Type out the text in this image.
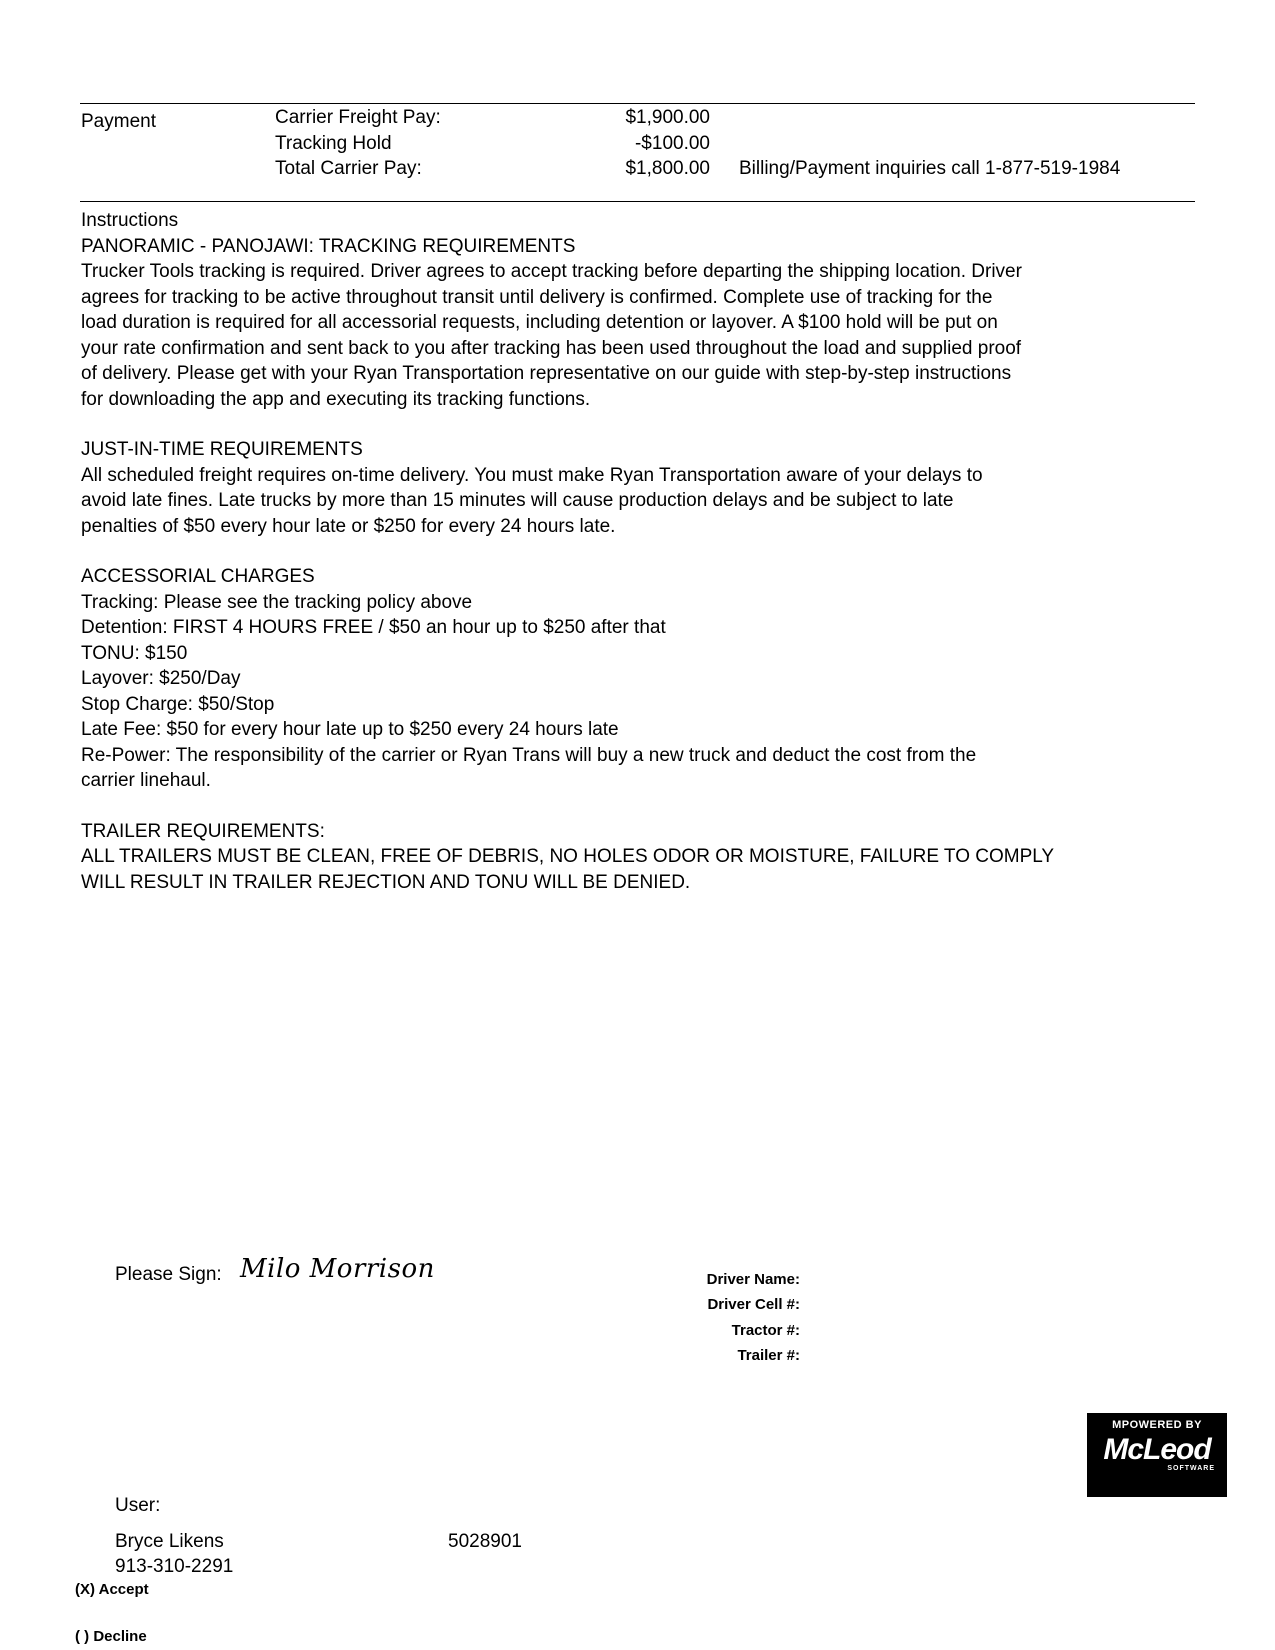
Payment	Carrier Freight Pay:	$1,900.00
Tracking Hold	-$100.00
Total Carrier Pay:	$1,800.00 Billing/Payment inquiries call 1-877-519-1984
Instructions
PANORAMIC - PANOJAWI: TRACKING REQUIREMENTS
Trucker Tools tracking is required. Driver agrees to accept tracking before departing the shipping location. Driver
agrees for tracking to be active throughout transit until delivery is confirmed. Complete use of tracking for the
load duration is required for all accessorial requests, including detention or layover. A $100 hold will be put on
your rate confirmation and sent back to you after tracking has been used throughout the load and supplied proof
of delivery. Please get with your Ryan Transportation representative on our guide with step-by-step instructions
for downloading the app and executing its tracking functions.
JUST-IN-TIME REQUIREMENTS
All scheduled freight requires on-time delivery. You must make Ryan Transportation aware of your delays to
avoid late fines. Late trucks by more than 15 minutes will cause production delays and be subject to late
penalties of $50 every hour late or $250 for every 24 hours late.
ACCESSORIAL CHARGES
Tracking: Please see the tracking policy above
Detention: FIRST 4 HOURS FREE / $50 an hour up to $250 after that
TONU: $150
Layover: $250/Day
Stop Charge: $50/Stop
Late Fee: $50 for every hour late up to $250 every 24 hours late
Re-Power: The responsibility of the carrier or Ryan Trans will buy a new truck and deduct the cost from the
carrier linehaul.
TRAILER REQUIREMENTS:
ALL TRAILERS MUST BE CLEAN, FREE OF DEBRIS, NO HOLES ODOR OR MOISTURE, FAILURE TO COMPLY
WILL RESULT IN TRAILER REJECTION AND TONU WILL BE DENIED.
Please Sign: Milo Morrison	Driver Name:
Driver Cell #:
Tractor #:
Trailer #:
MPOWERED BY
McLeod
SOFTWARE
User:
Bryce Likens	5028901
913-310-2291
(X) Accept
( ) Decline
